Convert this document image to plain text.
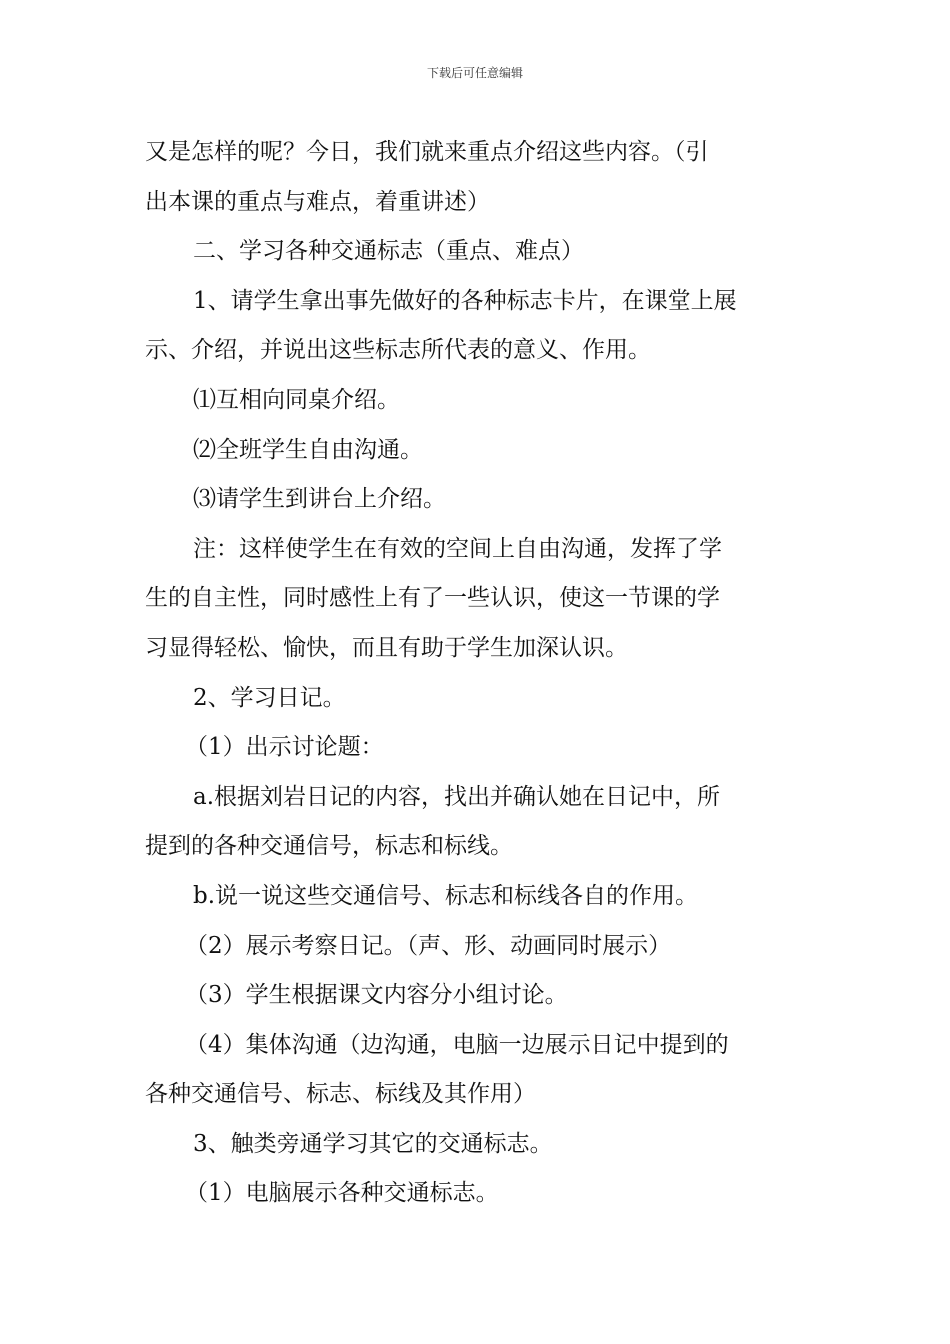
下载后可任意编辑
又是怎样的呢？今日，我们就来重点介绍这些内容。（引
出本课的重点与难点，着重讲述）
二、学习各种交通标志（重点、难点）
1、请学生拿出事先做好的各种标志卡片，在课堂上展
示、介绍，并说出这些标志所代表的意义、作用。
⑴互相向同桌介绍。
⑵全班学生自由沟通。
⑶请学生到讲台上介绍。
注：这样使学生在有效的空间上自由沟通，发挥了学
生的自主性，同时感性上有了一些认识，使这一节课的学
习显得轻松、愉快，而且有助于学生加深认识。
2、学习日记。
（1）出示讨论题：
a.根据刘岩日记的内容，找出并确认她在日记中，所
提到的各种交通信号，标志和标线。
b.说一说这些交通信号、标志和标线各自的作用。
（2）展示考察日记。（声、形、动画同时展示）
（3）学生根据课文内容分小组讨论。
（4）集体沟通（边沟通，电脑一边展示日记中提到的
各种交通信号、标志、标线及其作用）
3、触类旁通学习其它的交通标志。
（1）电脑展示各种交通标志。
